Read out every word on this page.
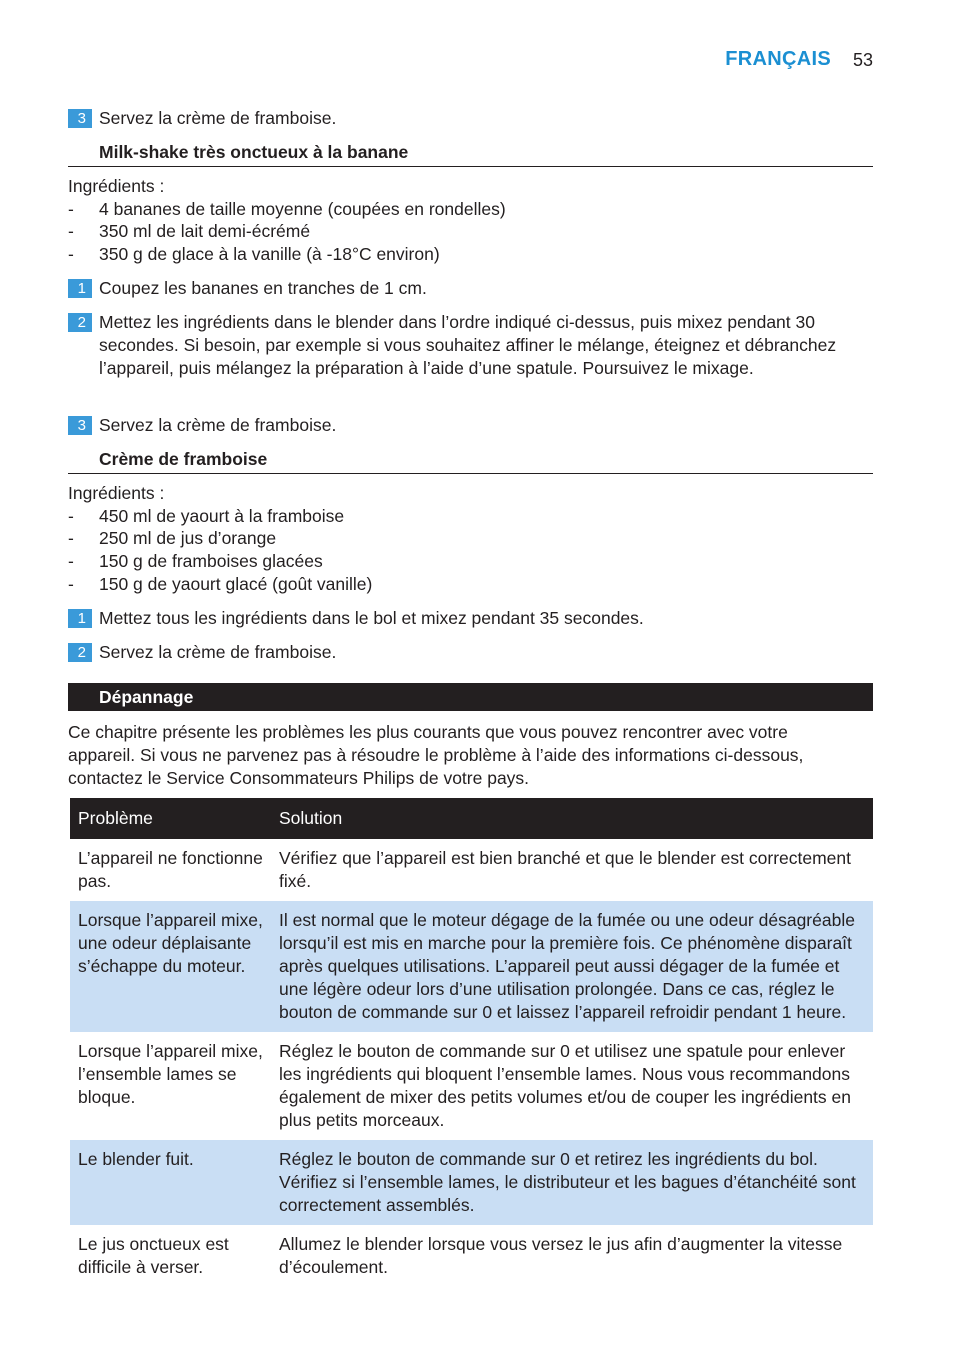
FRANÇAIS 53
3 Servez la crème de framboise.
Milk-shake très onctueux à la banane
Ingrédients :
- 4 bananes de taille moyenne (coupées en rondelles)
- 350 ml de lait demi-écrémé
- 350 g de glace à la vanille (à -18°C environ)
1 Coupez les bananes en tranches de 1 cm.
2 Mettez les ingrédients dans le blender dans l’ordre indiqué ci-dessus, puis mixez pendant 30 secondes. Si besoin, par exemple si vous souhaitez affiner le mélange, éteignez et débranchez l’appareil, puis mélangez la préparation à l’aide d’une spatule. Poursuivez le mixage.
3 Servez la crème de framboise.
Crème de framboise
Ingrédients :
- 450 ml de yaourt à la framboise
- 250 ml de jus d’orange
- 150 g de framboises glacées
- 150 g de yaourt glacé (goût vanille)
1 Mettez tous les ingrédients dans le bol et mixez pendant 35 secondes.
2 Servez la crème de framboise.
Dépannage
Ce chapitre présente les problèmes les plus courants que vous pouvez rencontrer avec votre appareil. Si vous ne parvenez pas à résoudre le problème à l’aide des informations ci-dessous, contactez le Service Consommateurs Philips de votre pays.
Problème	Solution
L’appareil ne fonctionne pas.	Vérifiez que l’appareil est bien branché et que le blender est correctement fixé.
Lorsque l’appareil mixe, une odeur déplaisante s’échappe du moteur.	Il est normal que le moteur dégage de la fumée ou une odeur désagréable lorsqu’il est mis en marche pour la première fois. Ce phénomène disparaît après quelques utilisations. L’appareil peut aussi dégager de la fumée et une légère odeur lors d’une utilisation prolongée. Dans ce cas, réglez le bouton de commande sur 0 et laissez l’appareil refroidir pendant 1 heure.
Lorsque l’appareil mixe, l’ensemble lames se bloque.	Réglez le bouton de commande sur 0 et utilisez une spatule pour enlever les ingrédients qui bloquent l’ensemble lames. Nous vous recommandons également de mixer des petits volumes et/ou de couper les ingrédients en plus petits morceaux.
Le blender fuit.	Réglez le bouton de commande sur 0 et retirez les ingrédients du bol. Vérifiez si l’ensemble lames, le distributeur et les bagues d’étanchéité sont correctement assemblés.
Le jus onctueux est difficile à verser.	Allumez le blender lorsque vous versez le jus afin d’augmenter la vitesse d’écoulement.
